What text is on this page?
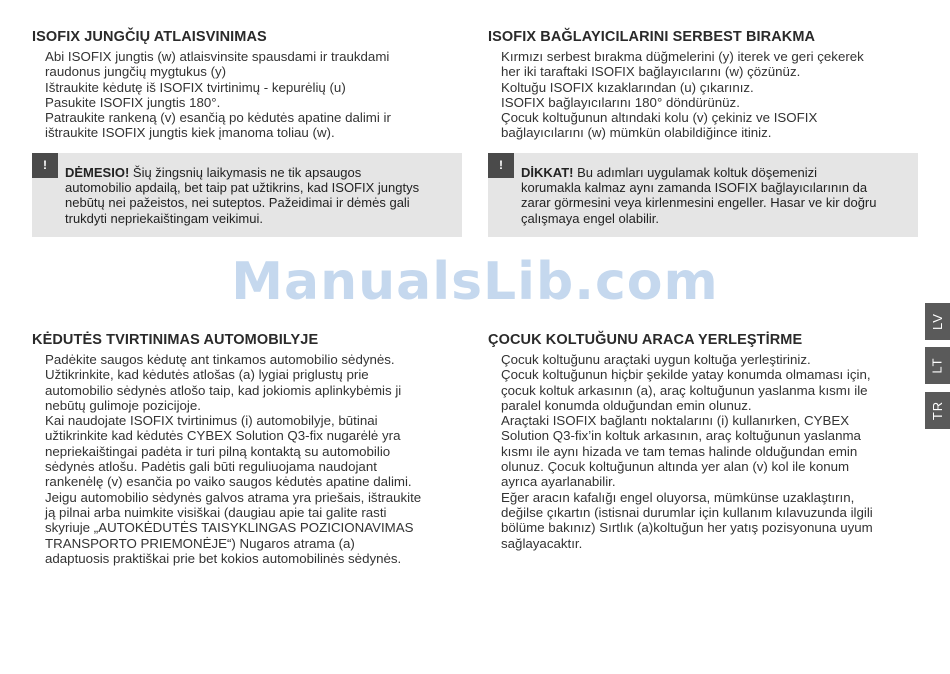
ISOFIX JUNGČIŲ ATLAISVINIMAS
Abi ISOFIX jungtis (w) atlaisvinsite spausdami ir traukdami
raudonus jungčių mygtukus (y)
Ištraukite kėdutę iš ISOFIX tvirtinimų - kepurėlių (u)
Pasukite ISOFIX jungtis 180°.
Patraukite rankeną (v) esančią po kėdutės apatine dalimi ir
ištraukite ISOFIX jungtis kiek įmanoma toliau (w).
ISOFIX BAĞLAYICILARINI SERBEST BIRAKMA
Kırmızı serbest bırakma düğmelerini (y) iterek ve geri çekerek
her iki taraftaki ISOFIX bağlayıcılarını (w) çözünüz.
Koltuğu ISOFIX kızaklarından (u) çıkarınız.
ISOFIX bağlayıcılarını 180° döndürünüz.
Çocuk koltuğunun altındaki kolu (v) çekiniz ve ISOFIX
bağlayıcılarını (w) mümkün olabildiğince itiniz.
!	DĖMESIO! Šių žingsnių laikymasis ne tik apsaugos
automobilio apdailą, bet taip pat užtikrins, kad ISOFIX jungtys
nebūtų nei pažeistos, nei suteptos. Pažeidimai ir dėmės gali
trukdyti nepriekaištingam veikimui.
!	DİKKAT! Bu adımları uygulamak koltuk döşemenizi
korumakla kalmaz aynı zamanda ISOFIX bağlayıcılarının da
zarar görmesini veya kirlenmesini engeller. Hasar ve kir doğru
çalışmaya engel olabilir.
ManualsLib.com
KĖDUTĖS TVIRTINIMAS AUTOMOBILYJE
Padėkite saugos kėdutę ant tinkamos automobilio sėdynės.
Užtikrinkite, kad kėdutės atlošas (a) lygiai priglustų prie
automobilio sėdynės atlošo taip, kad jokiomis aplinkybėmis ji
nebūtų gulimoje pozicijoje.
Kai naudojate ISOFIX tvirtinimus (i) automobilyje, būtinai
užtikrinkite kad kėdutės CYBEX Solution Q3-fix nugarėlė yra
nepriekaištingai padėta ir turi pilną kontaktą su automobilio
sėdynės atlošu. Padėtis gali būti reguliuojama naudojant
rankenėlę (v) esančia po vaiko saugos kėdutės apatine dalimi.
Jeigu automobilio sėdynės galvos atrama yra priešais, ištraukite
ją pilnai arba nuimkite visiškai (daugiau apie tai galite rasti
skyriuje „AUTOKĖDUTĖS TAISYKLINGAS POZICIONAVIMAS
TRANSPORTO PRIEMONĖJE“) Nugaros atrama (a)
adaptuosis praktiškai prie bet kokios automobilinės sėdynės.
ÇOCUK KOLTUĞUNU ARACA YERLEŞTİRME
Çocuk koltuğunu araçtaki uygun koltuğa yerleştiriniz.
Çocuk koltuğunun hiçbir şekilde yatay konumda olmaması için,
çocuk koltuk arkasının (a), araç koltuğunun yaslanma kısmı ile
paralel konumda olduğundan emin olunuz.
Araçtaki ISOFIX bağlantı noktalarını (i) kullanırken, CYBEX
Solution Q3-fix’in koltuk arkasının, araç koltuğunun yaslanma
kısmı ile aynı hizada ve tam temas halinde olduğundan emin
olunuz. Çocuk koltuğunun altında yer alan (v) kol ile konum
ayrıca ayarlanabilir.
Eğer aracın kafalığı engel oluyorsa, mümkünse uzaklaştırın,
değilse çıkartın (istisnai durumlar için kullanım kılavuzunda ilgili
bölüme bakınız) Sırtlık (a)koltuğun her yatış pozisyonuna uyum
sağlayacaktır.
LV
LT
TR
